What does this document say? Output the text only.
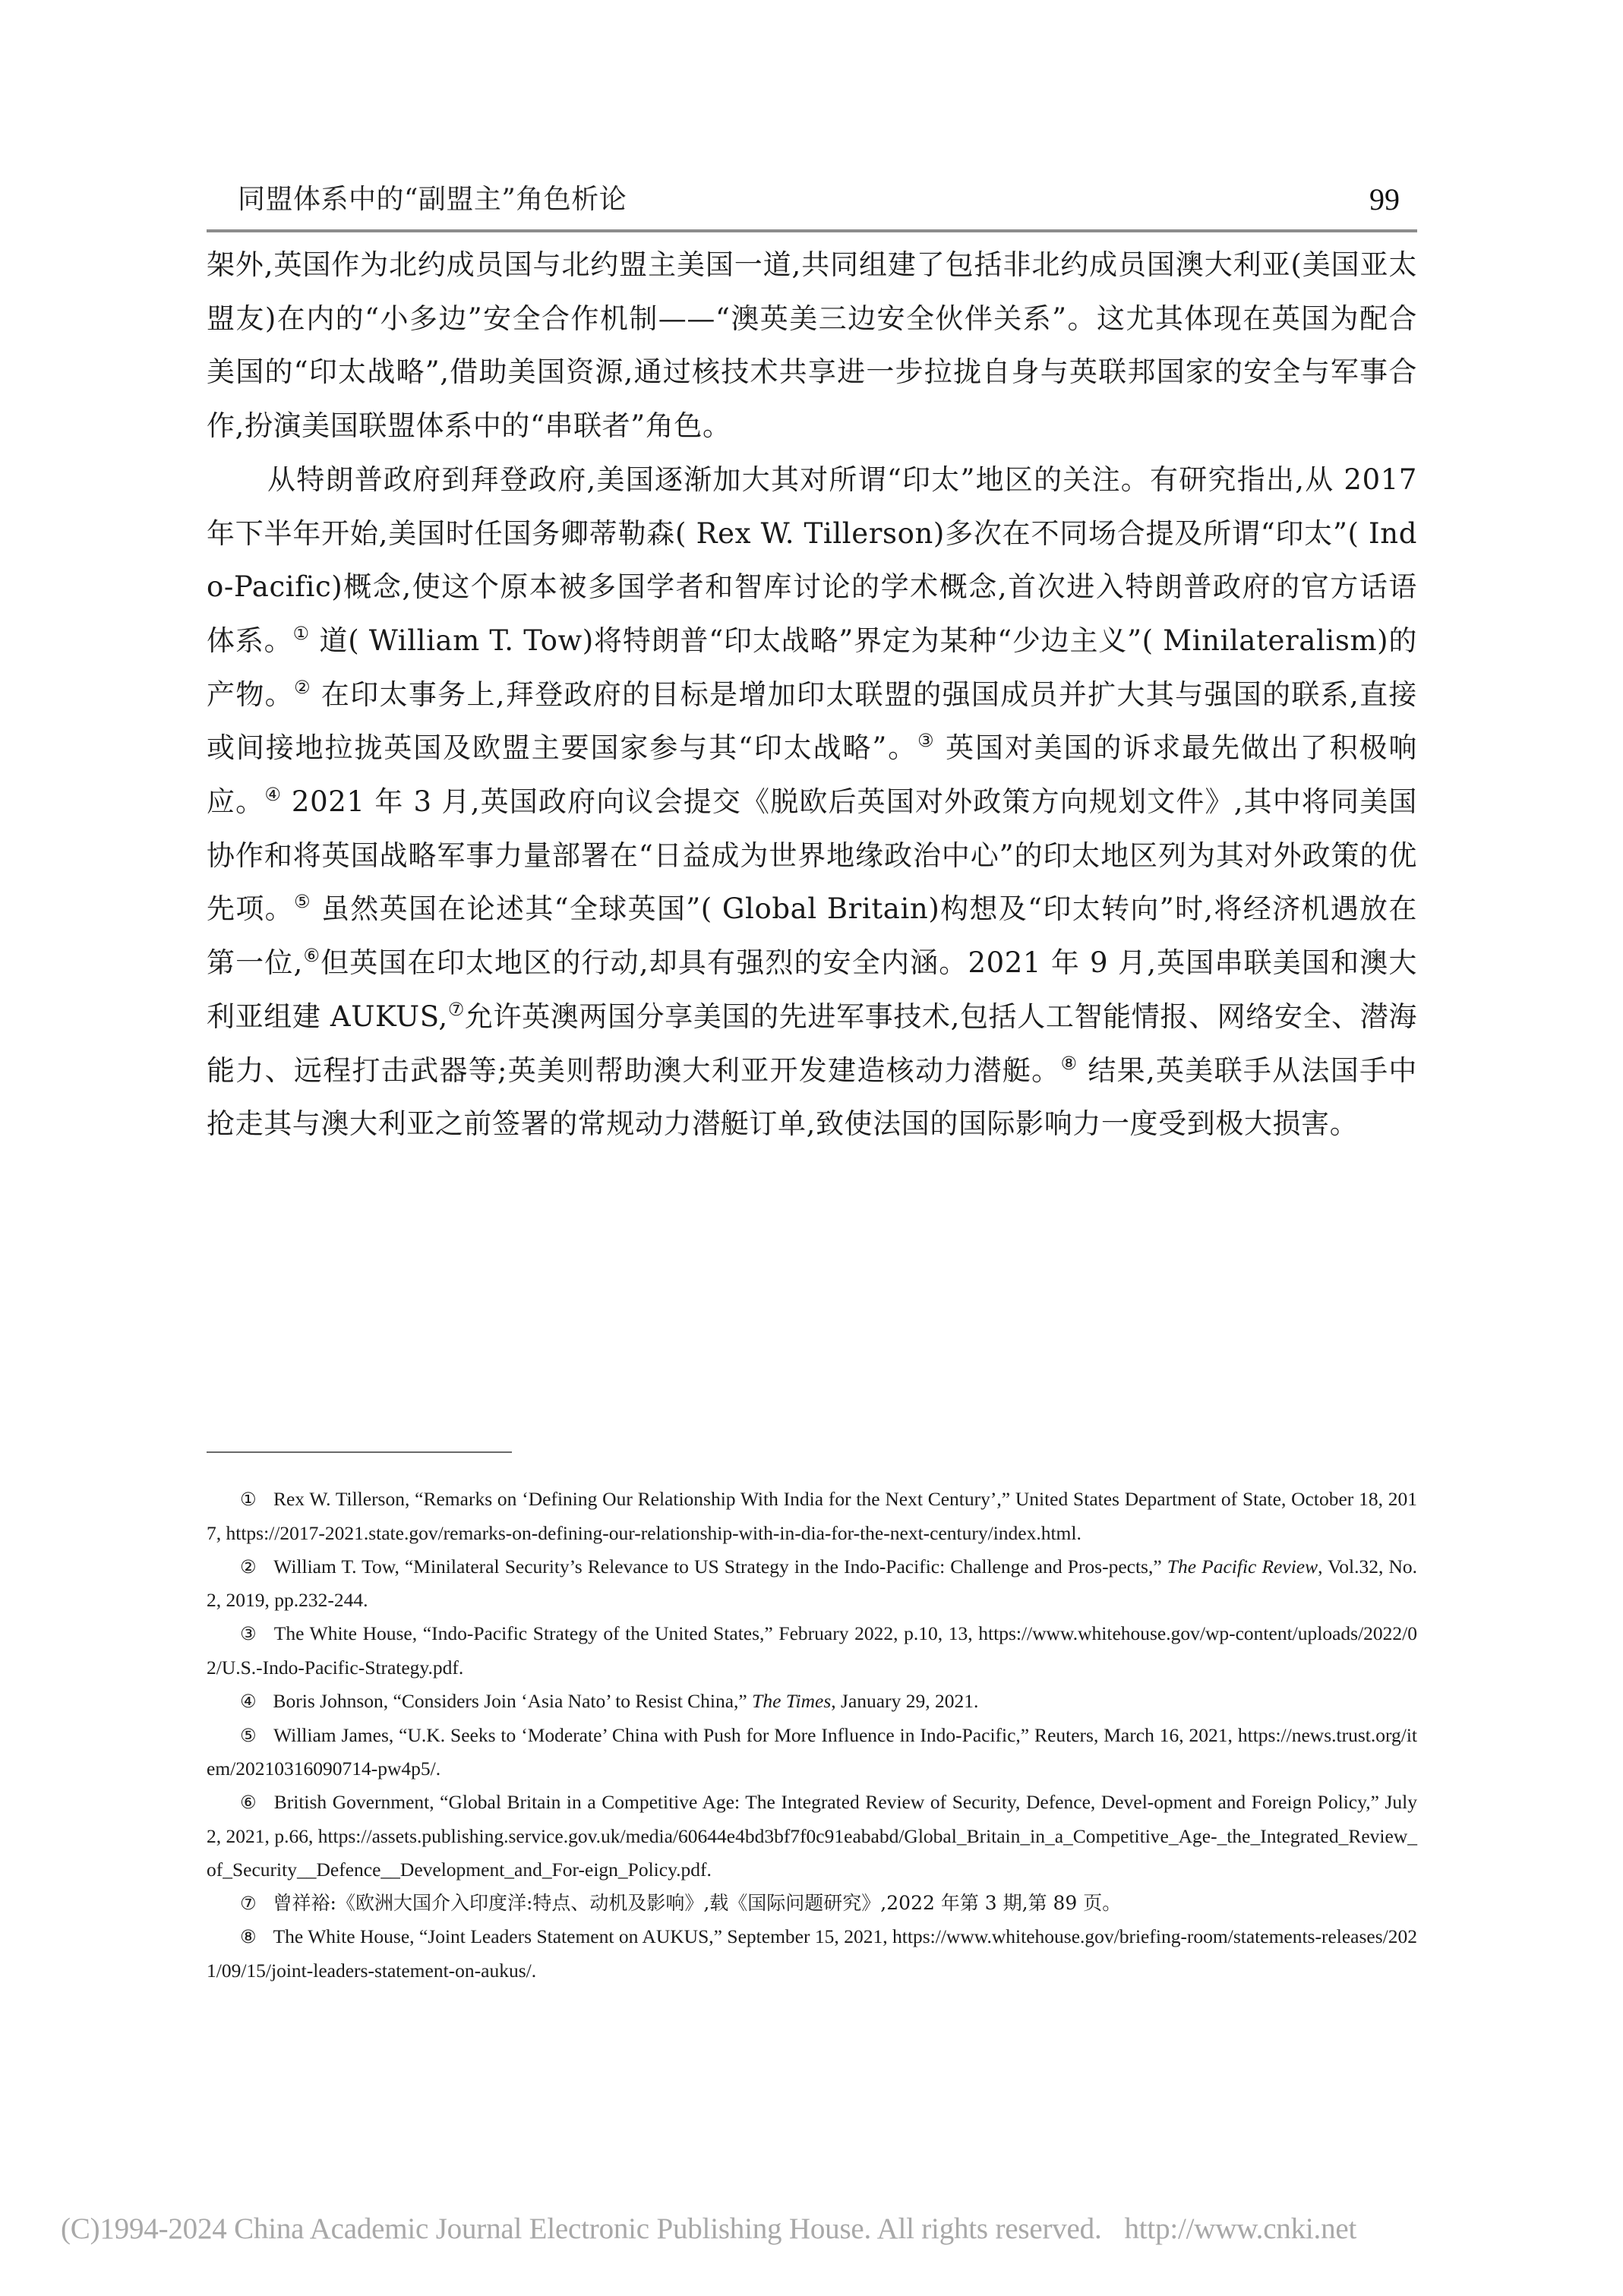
同盟体系中的“副盟主”角色析论	99

架外,英国作为北约成员国与北约盟主美国一道,共同组建了包括非北约成员国澳大利亚(美国亚太盟友)在内的“小多边”安全合作机制——“澳英美三边安全伙伴关系”。这尤其体现在英国为配合美国的“印太战略”,借助美国资源,通过核技术共享进一步拉拢自身与英联邦国家的安全与军事合作,扮演美国联盟体系中的“串联者”角色。

从特朗普政府到拜登政府,美国逐渐加大其对所谓“印太”地区的关注。有研究指出,从 2017 年下半年开始,美国时任国务卿蒂勒森( Rex W. Tillerson)多次在不同场合提及所谓“印太”( Indo-Pacific)概念,使这个原本被多国学者和智库讨论的学术概念,首次进入特朗普政府的官方话语体系。① 道( William T. Tow)将特朗普“印太战略”界定为某种“少边主义”( Minilateralism)的产物。② 在印太事务上,拜登政府的目标是增加印太联盟的强国成员并扩大其与强国的联系,直接或间接地拉拢英国及欧盟主要国家参与其“印太战略”。③ 英国对美国的诉求最先做出了积极响应。④ 2021 年 3 月,英国政府向议会提交《脱欧后英国对外政策方向规划文件》,其中将同美国协作和将英国战略军事力量部署在“日益成为世界地缘政治中心”的印太地区列为其对外政策的优先项。⑤ 虽然英国在论述其“全球英国”( Global Britain)构想及“印太转向”时,将经济机遇放在第一位,⑥但英国在印太地区的行动,却具有强烈的安全内涵。2021 年 9 月,英国串联美国和澳大利亚组建 AUKUS,⑦允许英澳两国分享美国的先进军事技术,包括人工智能情报、网络安全、潜海能力、远程打击武器等;英美则帮助澳大利亚开发建造核动力潜艇。⑧ 结果,英美联手从法国手中抢走其与澳大利亚之前签署的常规动力潜艇订单,致使法国的国际影响力一度受到极大损害。

① Rex W. Tillerson, “Remarks on ‘Defining Our Relationship With India for the Next Century’,” United States Department of State, October 18, 2017, https://2017-2021.state.gov/remarks-on-defining-our-relationship-with-in-dia-for-the-next-century/index.html.

② William T. Tow, “Minilateral Security’s Relevance to US Strategy in the Indo-Pacific: Challenge and Pros-pects,” The Pacific Review, Vol.32, No.2, 2019, pp.232-244.

③ The White House, “Indo-Pacific Strategy of the United States,” February 2022, p.10, 13, https://www.whitehouse.gov/wp-content/uploads/2022/02/U.S.-Indo-Pacific-Strategy.pdf.

④ Boris Johnson, “Considers Join ‘Asia Nato’ to Resist China,” The Times, January 29, 2021.

⑤ William James, “U.K. Seeks to ‘Moderate’ China with Push for More Influence in Indo-Pacific,” Reuters, March 16, 2021, https://news.trust.org/item/20210316090714-pw4p5/.

⑥ British Government, “Global Britain in a Competitive Age: The Integrated Review of Security, Defence, Devel-opment and Foreign Policy,” July 2, 2021, p.66, https://assets.publishing.service.gov.uk/media/60644e4bd3bf7f0c91eababd/Global_Britain_in_a_Competitive_Age-_the_Integrated_Review_of_Security__Defence__Development_and_For-eign_Policy.pdf.

⑦ 曾祥裕:《欧洲大国介入印度洋:特点、动机及影响》,载《国际问题研究》,2022 年第 3 期,第 89 页。

⑧ The White House, “Joint Leaders Statement on AUKUS,” September 15, 2021, https://www.whitehouse.gov/briefing-room/statements-releases/2021/09/15/joint-leaders-statement-on-aukus/.

(C)1994-2024 China Academic Journal Electronic Publishing House. All rights reserved. http://www.cnki.net
